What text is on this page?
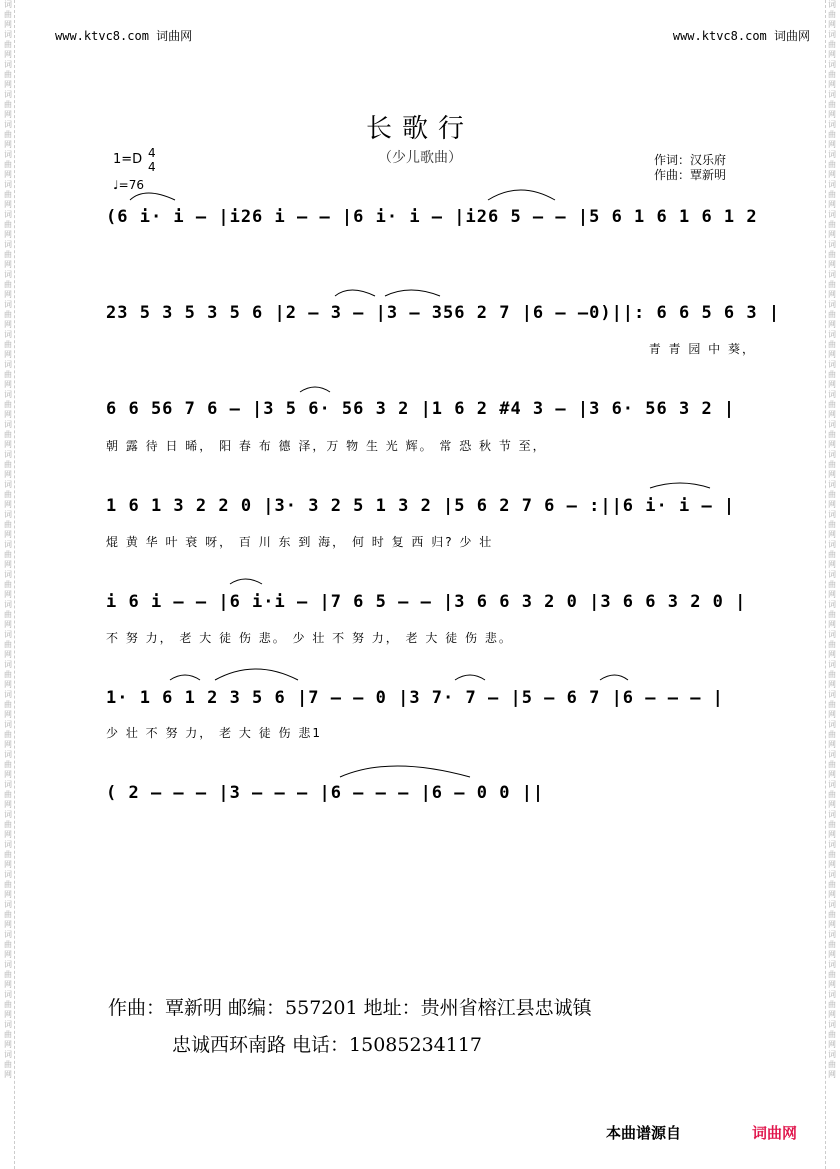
词曲网词曲网词曲网词曲网词曲网词曲网词曲网词曲网词曲网词曲网词曲网词曲网词曲网词曲网词曲网词曲网词曲网词曲网词曲网词曲网词曲网词曲网词曲网词曲网词曲网词曲网词曲网词曲网词曲网词曲网词曲网词曲网词曲网词曲网词曲网词曲网
词曲网词曲网词曲网词曲网词曲网词曲网词曲网词曲网词曲网词曲网词曲网词曲网词曲网词曲网词曲网词曲网词曲网词曲网词曲网词曲网词曲网词曲网词曲网词曲网词曲网词曲网词曲网词曲网词曲网词曲网词曲网词曲网词曲网词曲网词曲网词曲网
www.ktvc8.com 词曲网	www.ktvc8.com 词曲网
长歌行
（少儿歌曲）	作词：汉乐府
作曲：覃新明
1=D 4
4
♩=76
(6 i· i – |i26 i – – |6 i· i – |i26 5 – – |5 6 1 6 1 6 1 2
23 5 3 5 3 5 6 |2 – 3 – |3 – 356 2 7 |6 – –0)||: 6 6 5 6 3 |
青 青 园 中 葵，
6 6 56 7 6 – |3 5 6· 56 3 2 |1 6 2 #4 3 – |3 6· 56 3 2 |
朝 露 待 日 晞， 阳 春 布 德 泽，万 物 生 光 辉。 常 恐 秋 节 至，
1 6 1 3 2 2 0 |3· 3 2 5 1 3 2 |5 6 2 7 6 – :||6 i· i – |
焜 黄 华 叶 衰 呀， 百 川 东 到 海， 何 时 复 西 归? 少 壮
i 6 i – – |6 i·i – |7 6 5 – – |3 6 6 3 2 0 |3 6 6 3 2 0 |
不 努 力， 老 大 徒 伤 悲。 少 壮 不 努 力， 老 大 徒 伤 悲。
1· 1 6 1 2 3 5 6 |7 – – 0 |3 7· 7 – |5 – 6 7 |6 – – – |
少 壮 不 努 力， 老 大 徒 伤 悲1
( 2 – – – |3 – – – |6 – – – |6 – 0 0 ||
作曲：覃新明 邮编：557201 地址：贵州省榕江县忠诚镇
忠诚西环南路 电话：15085234117
本曲谱源自	词曲网
